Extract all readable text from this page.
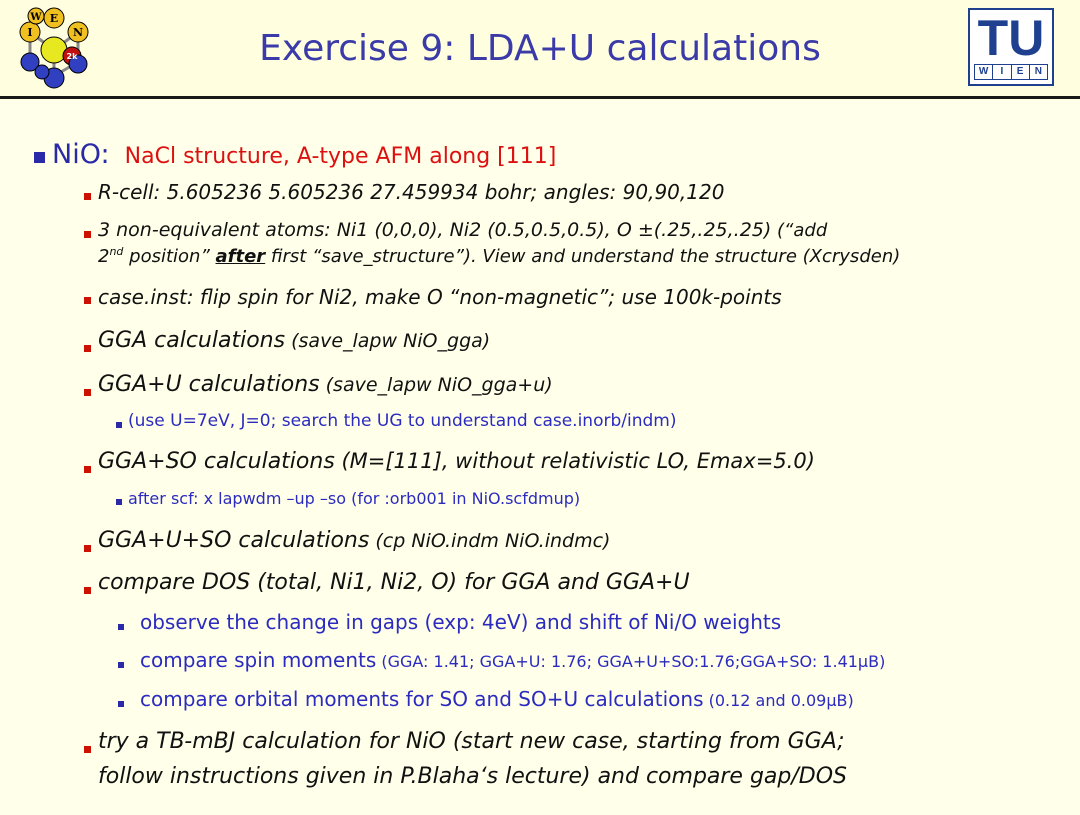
W E
I	N
2k	Exercise 9: LDA+U calculations	TU
W	I	E	N
NiO: NaCl structure, A-type AFM along [111]
R-cell: 5.605236 5.605236 27.459934 bohr; angles: 90,90,120
3 non-equivalent atoms: Ni1 (0,0,0), Ni2 (0.5,0.5,0.5), O ±(.25,.25,.25) (“add
2nd position” after first “save_structure”). View and understand the structure (Xcrysden)
case.inst: flip spin for Ni2, make O “non-magnetic”; use 100k-points
GGA calculations (save_lapw NiO_gga)
GGA+U calculations (save_lapw NiO_gga+u)
(use U=7eV, J=0; search the UG to understand case.inorb/indm)
GGA+SO calculations (M=[111], without relativistic LO, Emax=5.0)
after scf: x lapwdm –up –so (for :orb001 in NiO.scfdmup)
GGA+U+SO calculations (cp NiO.indm NiO.indmc)
compare DOS (total, Ni1, Ni2, O) for GGA and GGA+U
observe the change in gaps (exp: 4eV) and shift of Ni/O weights
compare spin moments (GGA: 1.41; GGA+U: 1.76; GGA+U+SO:1.76;GGA+SO: 1.41μB)
compare orbital moments for SO and SO+U calculations (0.12 and 0.09μB)
try a TB-mBJ calculation for NiO (start new case, starting from GGA;
follow instructions given in P.Blaha‘s lecture) and compare gap/DOS
